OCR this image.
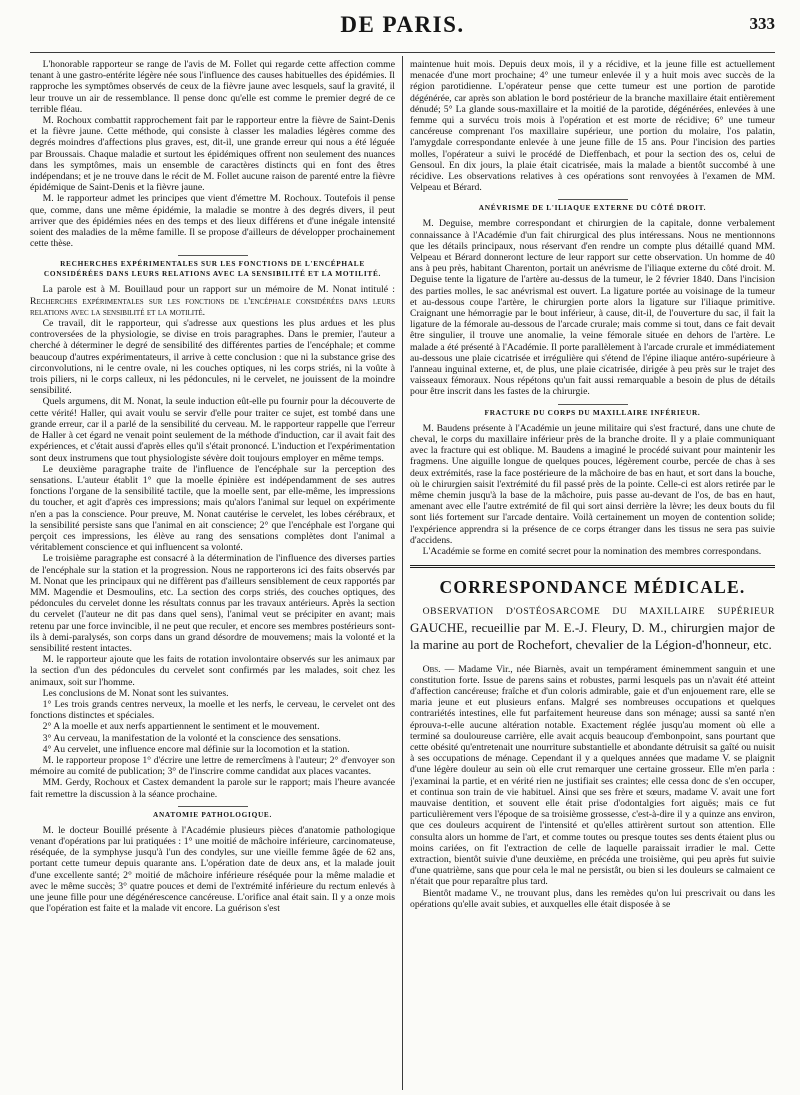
DE PARIS.	333

L'honorable rapporteur se range de l'avis de M. Follet qui regarde cette affection comme tenant à une gastro-entérite légère née sous l'influence des causes habituelles des épidémies. Il rapproche les symptômes observés de ceux de la fièvre jaune avec lesquels, sauf la gravité, il leur trouve un air de ressemblance. Il pense donc qu'elle est comme le premier degré de ce terrible fléau.

M. Rochoux combattit rapprochement fait par le rapporteur entre la fièvre de Saint-Denis et la fièvre jaune. Cette méthode, qui consiste à classer les maladies légères comme des degrés moindres d'affections plus graves, est, dit-il, une grande erreur qui nous a été léguée par Broussais. Chaque maladie et surtout les épidémiques offrent non seulement des nuances dans les symptômes, mais un ensemble de caractères distincts qui en font des êtres indépendans; et je ne trouve dans le récit de M. Follet aucune raison de parenté entre la fièvre épidémique de Saint-Denis et la fièvre jaune.

M. le rapporteur admet les principes que vient d'émettre M. Rochoux. Toutefois il pense que, comme, dans une même épidémie, la maladie se montre à des degrés divers, il peut arriver que des épidémies nées en des temps et des lieux différens et d'une inégale intensité soient des maladies de la même famille. Il se propose d'ailleurs de développer prochainement cette thèse.

RECHERCHES EXPÉRIMENTALES SUR LES FONCTIONS DE L'ENCÉPHALE CONSIDÉRÉES DANS LEURS RELATIONS AVEC LA SENSIBILITÉ ET LA MOTILITÉ.

La parole est à M. Bouillaud pour un rapport sur un mémoire de M. Nonat intitulé : Recherches expérimentales sur les fonctions de l'encéphale considérées dans leurs relations avec la sensibilité et la motilité.

Ce travail, dit le rapporteur, qui s'adresse aux questions les plus ardues et les plus controversées de la physiologie, se divise en trois paragraphes. Dans le premier, l'auteur a cherché à déterminer le degré de sensibilité des différentes parties de l'encéphale; et comme beaucoup d'autres expérimentateurs, il arrive à cette conclusion : que ni la substance grise des circonvolutions, ni le centre ovale, ni les couches optiques, ni les corps striés, ni la voûte à trois piliers, ni le corps calleux, ni les pédoncules, ni le cervelet, ne jouissent de la moindre sensibilité.

Quels argumens, dit M. Nonat, la seule induction eût-elle pu fournir pour la découverte de cette vérité! Haller, qui avait voulu se servir d'elle pour traiter ce sujet, est tombé dans une grande erreur, car il a parlé de la sensibilité du cerveau. M. le rapporteur rappelle que l'erreur de Haller à cet égard ne venait point seulement de la méthode d'induction, car il avait fait des expériences, et c'était aussi d'après elles qu'il s'était prononcé. L'induction et l'expérimentation sont deux instrumens que tout physiologiste sévère doit toujours employer en même temps.

Le deuxième paragraphe traite de l'influence de l'encéphale sur la perception des sensations. L'auteur établit 1° que la moelle épinière est indépendamment de ses autres fonctions l'organe de la sensibilité tactile, que la moelle sent, par elle-même, les impressions du toucher, et agit d'après ces impressions; mais qu'alors l'animal sur lequel on expérimente n'en a pas la conscience. Pour preuve, M. Nonat cautérise le cervelet, les lobes cérébraux, et la sensibilité persiste sans que l'animal en ait conscience; 2° que l'encéphale est l'organe qui perçoit ces impressions, les élève au rang des sensations complètes dont l'animal a véritablement conscience et qui influencent sa volonté.

Le troisième paragraphe est consacré à la détermination de l'influence des diverses parties de l'encéphale sur la station et la progression. Nous ne rapporterons ici des faits observés par M. Nonat que les principaux qui ne diffèrent pas d'ailleurs sensiblement de ceux rapportés par MM. Magendie et Desmoulins, etc. La section des corps striés, des couches optiques, des pédoncules du cervelet donne les résultats connus par les travaux antérieurs. Après la section du cervelet (l'auteur ne dit pas dans quel sens), l'animal veut se précipiter en avant; mais retenu par une force invincible, il ne peut que reculer, et encore ses membres postérieurs sont-ils à demi-paralysés, son corps dans un grand désordre de mouvemens; mais la volonté et la sensibilité restent intactes.

M. le rapporteur ajoute que les faits de rotation involontaire observés sur les animaux par la section d'un des pédoncules du cervelet sont confirmés par les malades, soit chez les animaux, soit sur l'homme.

Les conclusions de M. Nonat sont les suivantes.

1° Les trois grands centres nerveux, la moelle et les nerfs, le cerveau, le cervelet ont des fonctions distinctes et spéciales.

2° A la moelle et aux nerfs appartiennent le sentiment et le mouvement.

3° Au cerveau, la manifestation de la volonté et la conscience des sensations.

4° Au cervelet, une influence encore mal définie sur la locomotion et la station.

M. le rapporteur propose 1° d'écrire une lettre de remercîmens à l'auteur; 2° d'envoyer son mémoire au comité de publication; 3° de l'inscrire comme candidat aux places vacantes.

MM. Gerdy, Rochoux et Castex demandent la parole sur le rapport; mais l'heure avancée fait remettre la discussion à la séance prochaine.

ANATOMIE PATHOLOGIQUE.

M. le docteur Bouillé présente à l'Académie plusieurs pièces d'anatomie pathologique venant d'opérations par lui pratiquées : 1° une moitié de mâchoire inférieure, carcinomateuse, réséquée, de la symphyse jusqu'à l'un des condyles, sur une vieille femme âgée de 62 ans, portant cette tumeur depuis quarante ans. L'opération date de deux ans, et la malade jouit d'une excellente santé; 2° moitié de mâchoire inférieure réséquée pour la même maladie et avec le même succès; 3° quatre pouces et demi de l'extrémité inférieure du rectum enlevés à une jeune fille pour une dégénérescence cancéreuse. L'orifice anal était sain. Il y a onze mois que l'opération est faite et la malade vit encore. La guérison s'est

maintenue huit mois. Depuis deux mois, il y a récidive, et la jeune fille est actuellement menacée d'une mort prochaine; 4° une tumeur enlevée il y a huit mois avec succès de la région parotidienne. L'opérateur pense que cette tumeur est une portion de parotide dégénérée, car après son ablation le bord postérieur de la branche maxillaire était entièrement dénudé; 5° La glande sous-maxillaire et la moitié de la parotide, dégénérées, enlevées à une femme qui a survécu trois mois à l'opération et est morte de récidive; 6° une tumeur cancéreuse comprenant l'os maxillaire supérieur, une portion du molaire, l'os palatin, l'amygdale correspondante enlevée à une jeune fille de 15 ans. Pour l'incision des parties molles, l'opérateur a suivi le procédé de Dieffenbach, et pour la section des os, celui de Gensoul. En dix jours, la plaie était cicatrisée, mais la malade a bientôt succombé à une récidive. Les observations relatives à ces opérations sont renvoyées à l'examen de MM. Velpeau et Bérard.

ANÉVRISME DE L'ILIAQUE EXTERNE DU CÔTÉ DROIT.

M. Deguise, membre correspondant et chirurgien de la capitale, donne verbalement connaissance à l'Académie d'un fait chirurgical des plus intéressans. Nous ne mentionnons que les détails principaux, nous réservant d'en rendre un compte plus détaillé quand MM. Velpeau et Bérard donneront lecture de leur rapport sur cette observation. Un homme de 40 ans à peu près, habitant Charenton, portait un anévrisme de l'iliaque externe du côté droit. M. Deguise tente la ligature de l'artère au-dessus de la tumeur, le 2 février 1840. Dans l'incision des parties molles, le sac anévrismal est ouvert. La ligature portée au voisinage de la tumeur et au-dessous coupe l'artère, le chirurgien porte alors la ligature sur l'iliaque primitive. Craignant une hémorragie par le bout inférieur, à cause, dit-il, de l'ouverture du sac, il fait la ligature de la fémorale au-dessous de l'arcade crurale; mais comme si tout, dans ce fait devait être singulier, il trouve une anomalie, la veine fémorale située en dehors de l'artère. Le malade a été présenté à l'Académie. Il porte parallèlement à l'arcade crurale et immédiatement au-dessous une plaie cicatrisée et irrégulière qui s'étend de l'épine iliaque antéro-supérieure à l'anneau inguinal externe, et, de plus, une plaie cicatrisée, dirigée à peu près sur le trajet des vaisseaux fémoraux. Nous répétons qu'un fait aussi remarquable a besoin de plus de détails pour être inscrit dans les fastes de la chirurgie.

FRACTURE DU CORPS DU MAXILLAIRE INFÉRIEUR.

M. Baudens présente à l'Académie un jeune militaire qui s'est fracturé, dans une chute de cheval, le corps du maxillaire inférieur près de la branche droite. Il y a plaie communiquant avec la fracture qui est oblique. M. Baudens a imaginé le procédé suivant pour maintenir les fragmens. Une aiguille longue de quelques pouces, légèrement courbe, percée de chas à ses deux extrémités, rase la face postérieure de la mâchoire de bas en haut, et sort dans la bouche, où le chirurgien saisit l'extrémité du fil passé près de la pointe. Celle-ci est alors retirée par le même chemin jusqu'à la base de la mâchoire, puis passe au-devant de l'os, de bas en haut, amenant avec elle l'autre extrémité de fil qui sort ainsi derrière la lèvre; les deux bouts du fil sont liés fortement sur l'arcade dentaire. Voilà certainement un moyen de contention solide; l'expérience apprendra si la présence de ce corps étranger dans les tissus ne sera pas suivie d'accidens.

L'Académie se forme en comité secret pour la nomination des membres correspondans.

CORRESPONDANCE MÉDICALE.
OBSERVATION D'OSTÉOSARCOME DU MAXILLAIRE SUPÉRIEUR GAUCHE, recueillie par M. E.-J. Fleury, D. M., chirurgien major de la marine au port de Rochefort, chevalier de la Légion-d'honneur, etc.

Obs. — Madame Vir., née Biarnès, avait un tempérament éminemment sanguin et une constitution forte. Issue de parens sains et robustes, parmi lesquels pas un n'avait été atteint d'affection cancéreuse; fraîche et d'un coloris admirable, gaie et d'un enjouement rare, elle se maria jeune et eut plusieurs enfans. Malgré ses nombreuses occupations et quelques contrariétés intestines, elle fut parfaitement heureuse dans son ménage; aussi sa santé n'en éprouva-t-elle aucune altération notable. Exactement réglée jusqu'au moment où elle a terminé sa douloureuse carrière, elle avait acquis beaucoup d'embonpoint, sans pourtant que cette obésité qu'entretenait une nourriture substantielle et abondante détruisit sa gaîté ou nuisit à ses occupations de ménage. Cependant il y a quelques années que madame V. se plaignit d'une légère douleur au sein où elle crut remarquer une certaine grosseur. Elle m'en parla : j'examinai la partie, et en vérité rien ne justifiait ses craintes; elle cessa donc de s'en occuper, et continua son train de vie habituel. Ainsi que ses frère et sœurs, madame V. avait une fort mauvaise dentition, et souvent elle était prise d'odontalgies fort aiguës; mais ce fut particulièrement vers l'époque de sa troisième grossesse, c'est-à-dire il y a quinze ans environ, que ces douleurs acquirent de l'intensité et qu'elles attirèrent surtout son attention. Elle consulta alors un homme de l'art, et comme toutes ou presque toutes ses dents étaient plus ou moins cariées, on fit l'extraction de celle de laquelle paraissait irradier le mal. Cette extraction, bientôt suivie d'une deuxième, en précéda une troisième, qui peu après fut suivie d'une quatrième, sans que pour cela le mal ne persistât, ou bien si les douleurs se calmaient ce n'était que pour reparaître plus tard.

Bientôt madame V., ne trouvant plus, dans les remèdes qu'on lui prescrivait ou dans les opérations qu'elle avait subies, et auxquelles elle était disposée à se
